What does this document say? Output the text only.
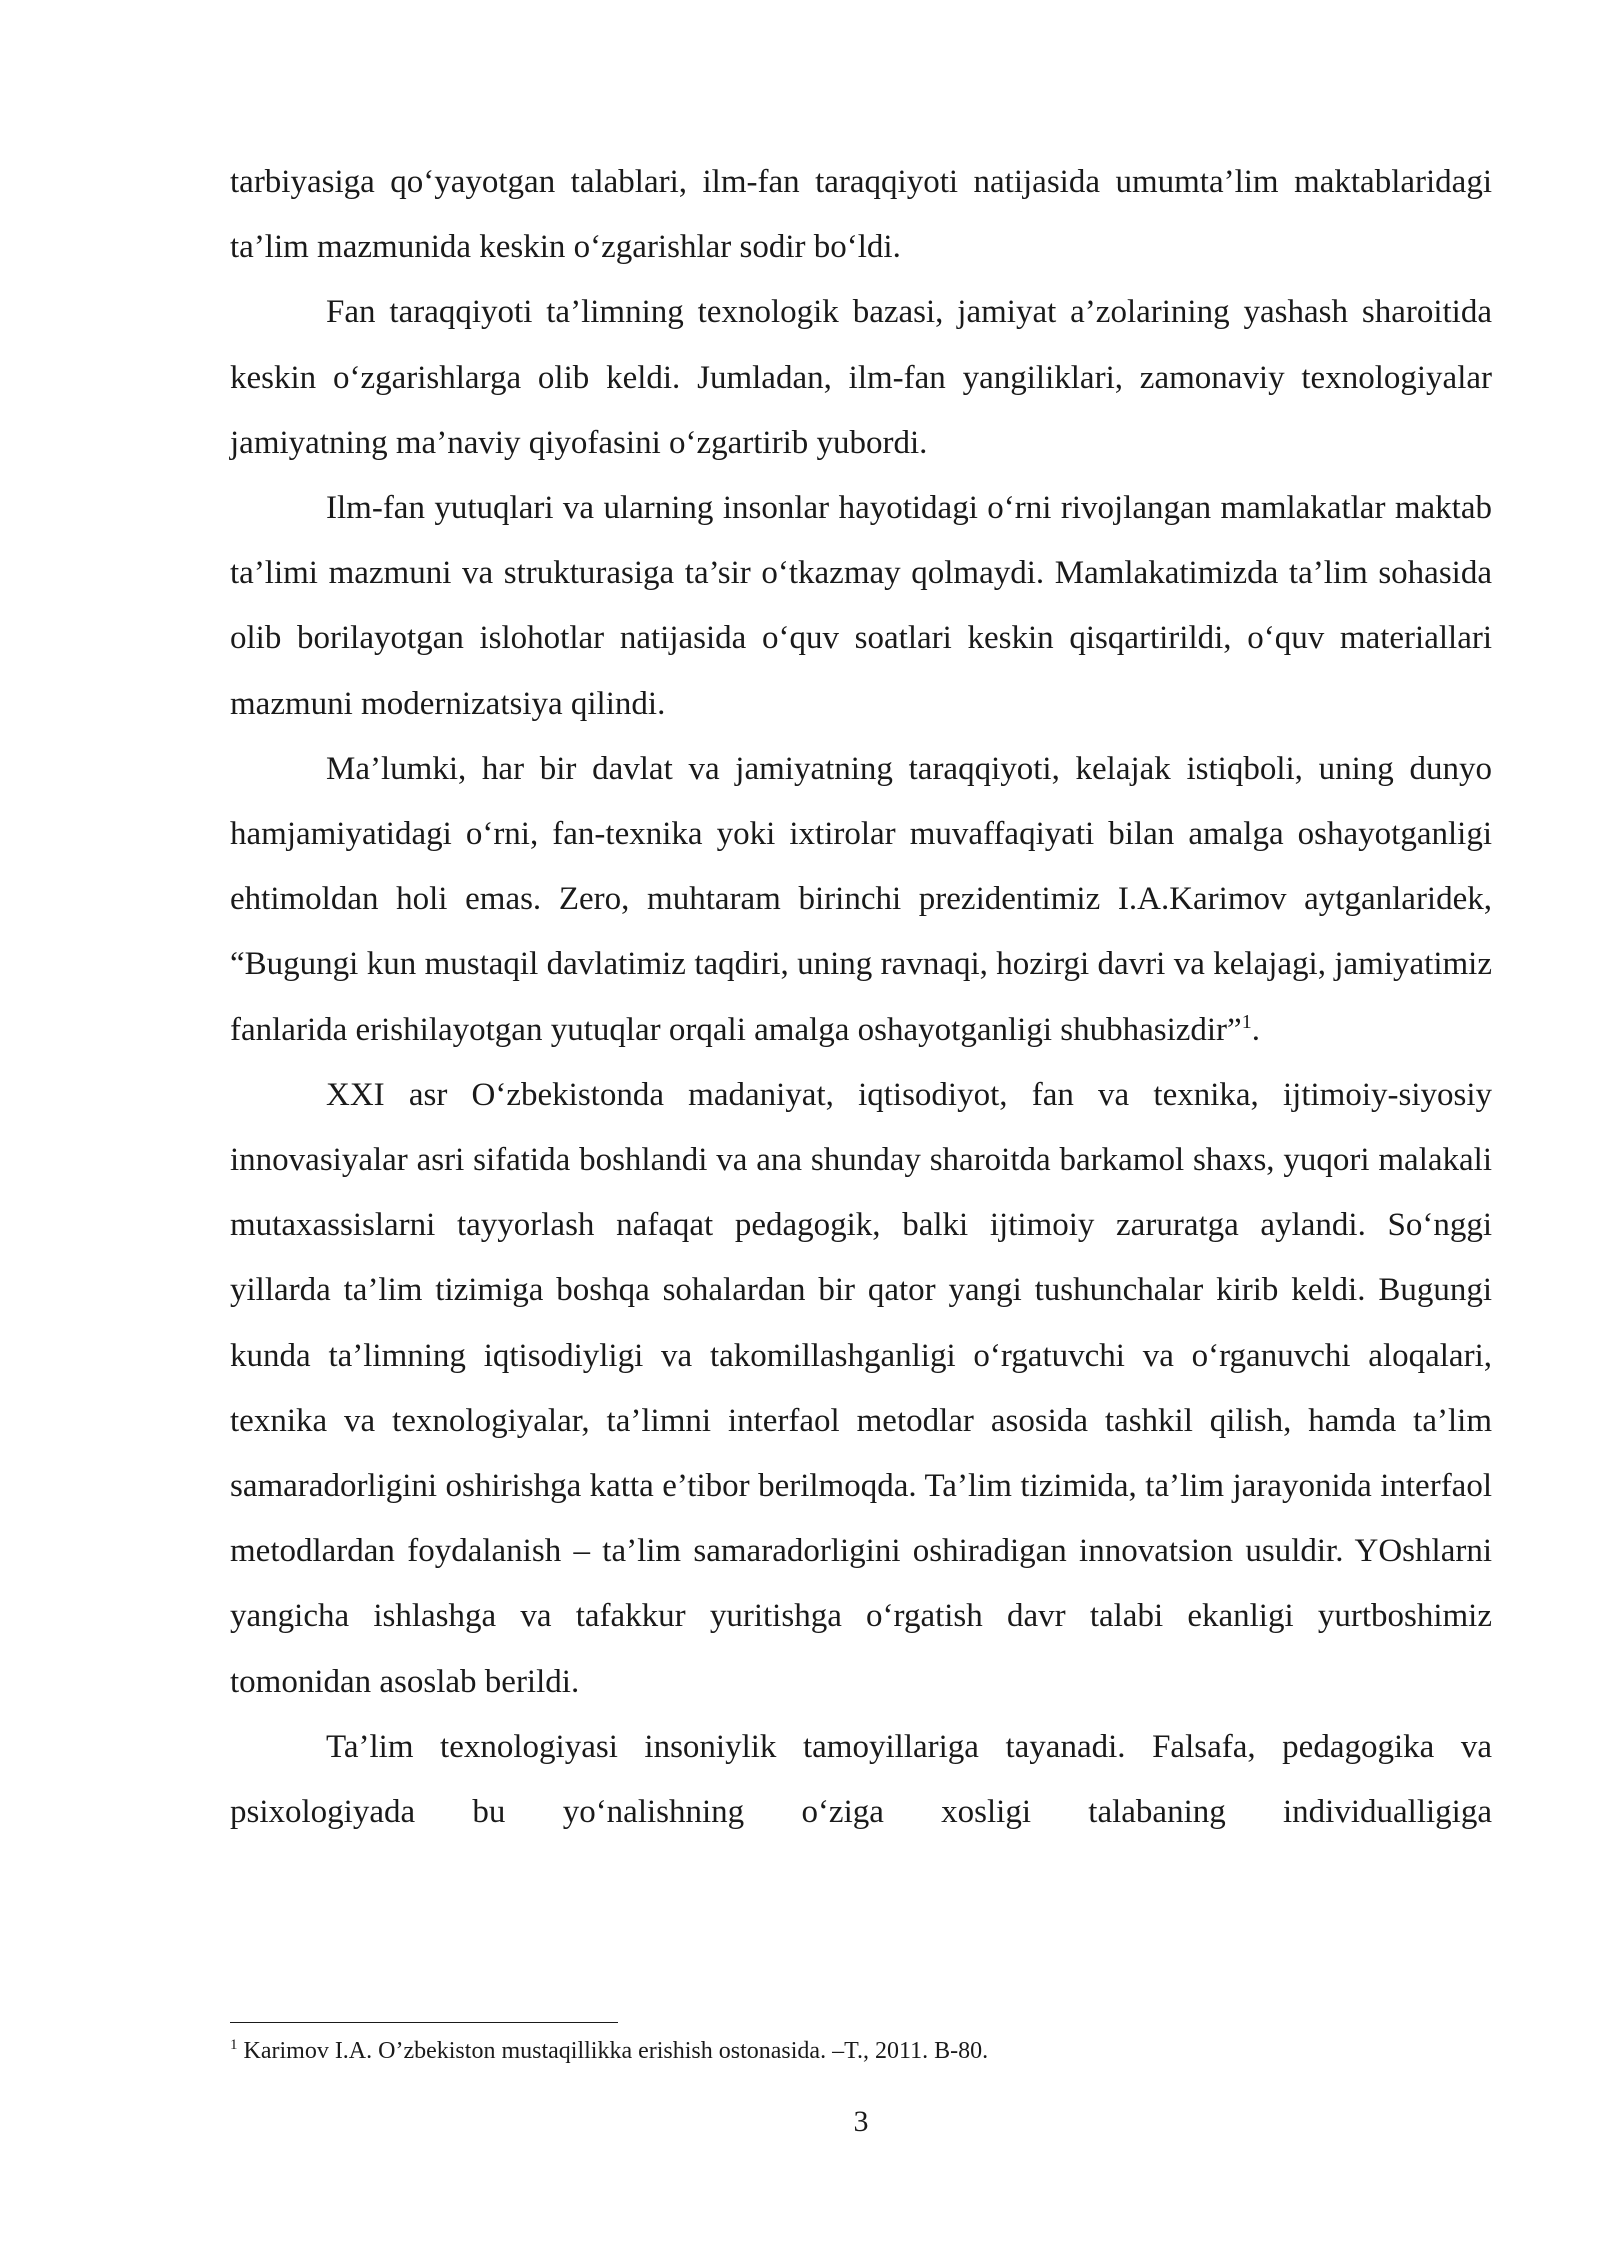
tarbiyasiga qo‘yayotgan talablari, ilm-fan taraqqiyoti natijasida umumta’lim maktablaridagi ta’lim mazmunida keskin o‘zgarishlar sodir bo‘ldi.

Fan taraqqiyoti ta’limning texnologik bazasi, jamiyat a’zolarining yashash sharoitida keskin o‘zgarishlarga olib keldi. Jumladan, ilm-fan yangiliklari, zamonaviy texnologiyalar jamiyatning ma’naviy qiyofasini o‘zgartirib yubordi.

Ilm-fan yutuqlari va ularning insonlar hayotidagi o‘rni rivojlangan mamlakatlar maktab ta’limi mazmuni va strukturasiga ta’sir o‘tkazmay qolmaydi. Mamlakatimizda ta’lim sohasida olib borilayotgan islohotlar natijasida o‘quv soatlari keskin qisqartirildi, o‘quv materiallari mazmuni modernizatsiya qilindi.

Ma’lumki, har bir davlat va jamiyatning taraqqiyoti, kelajak istiqboli, uning dunyo hamjamiyatidagi o‘rni, fan-texnika yoki ixtirolar muvaffaqiyati bilan amalga oshayotganligi ehtimoldan holi emas. Zero, muhtaram birinchi prezidentimiz I.A.Karimov aytganlaridek, “Bugungi kun mustaqil davlatimiz taqdiri, uning ravnaqi, hozirgi davri va kelajagi, jamiyatimiz fanlarida erishilayotgan yutuqlar orqali amalga oshayotganligi shubhasizdir”$^1$.

XXI asr O‘zbekistonda madaniyat, iqtisodiyot, fan va texnika, ijtimoiy-siyosiy innovasiyalar asri sifatida boshlandi va ana shunday sharoitda barkamol shaxs, yuqori malakali mutaxassislarni tayyorlash nafaqat pedagogik, balki ijtimoiy zaruratga aylandi. So‘nggi yillarda ta’lim tizimiga boshqa sohalardan bir qator yangi tushunchalar kirib keldi. Bugungi kunda ta’limning iqtisodiyligi va takomillashganligi o‘rgatuvchi va o‘rganuvchi aloqalari, texnika va texnologiyalar, ta’limni interfaol metodlar asosida tashkil qilish, hamda ta’lim samaradorligini oshirishga katta e’tibor berilmoqda. Ta’lim tizimida, ta’lim jarayonida interfaol metodlardan foydalanish – ta’lim samaradorligini oshiradigan innovatsion usuldir. YOshlarni yangicha ishlashga va tafakkur yuritishga o‘rgatish davr talabi ekanligi yurtboshimiz tomonidan asoslab berildi.

Ta’lim texnologiyasi insoniylik tamoyillariga tayanadi. Falsafa, pedagogika va psixologiyada bu yo‘nalishning o‘ziga xosligi talabaning individualligiga

$^1$ Karimov I.A. O’zbekiston mustaqillikka erishish ostonasida. –T., 2011. B-80.

3
